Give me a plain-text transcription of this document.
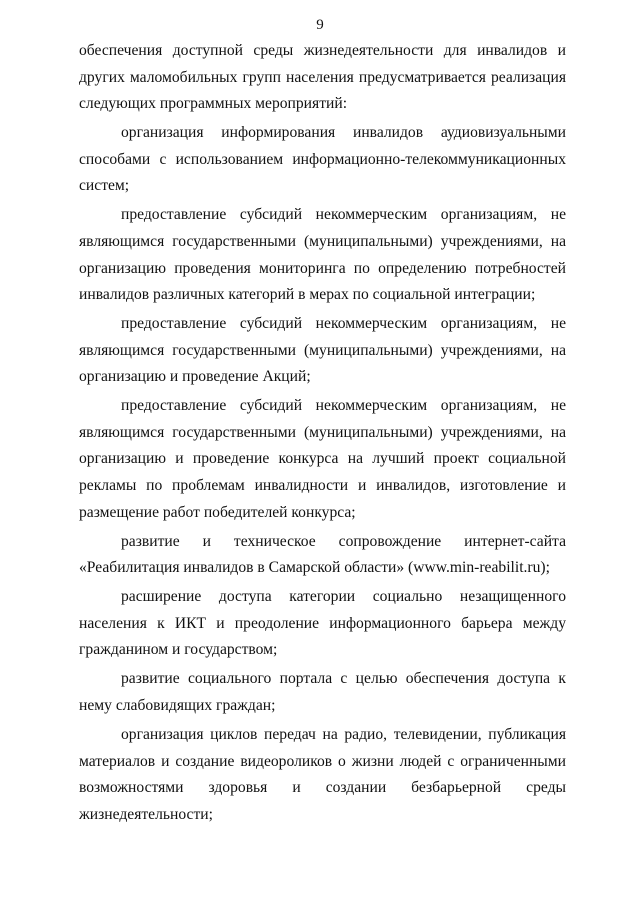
9

обеспечения доступной среды жизнедеятельности для инвалидов и других маломобильных групп населения предусматривается реализация следующих программных мероприятий:

организация информирования инвалидов аудиовизуальными способами с использованием информационно-телекоммуникационных систем;

предоставление субсидий некоммерческим организациям, не являющимся государственными (муниципальными) учреждениями, на организацию проведения мониторинга по определению потребностей инвалидов различных категорий в мерах по социальной интеграции;

предоставление субсидий некоммерческим организациям, не являющимся государственными (муниципальными) учреждениями, на организацию и проведение Акций;

предоставление субсидий некоммерческим организациям, не являющимся государственными (муниципальными) учреждениями, на организацию и проведение конкурса на лучший проект социальной рекламы по проблемам инвалидности и инвалидов, изготовление и размещение работ победителей конкурса;

развитие и техническое сопровождение интернет-сайта «Реабилитация инвалидов в Самарской области» (www.min-reabilit.ru);

расширение доступа категории социально незащищенного населения к ИКТ и преодоление информационного барьера между гражданином и государством;

развитие социального портала с целью обеспечения доступа к нему слабовидящих граждан;

организация циклов передач на радио, телевидении, публикация материалов и создание видеороликов о жизни людей с ограниченными возможностями здоровья и создании безбарьерной среды жизнедеятельности;
